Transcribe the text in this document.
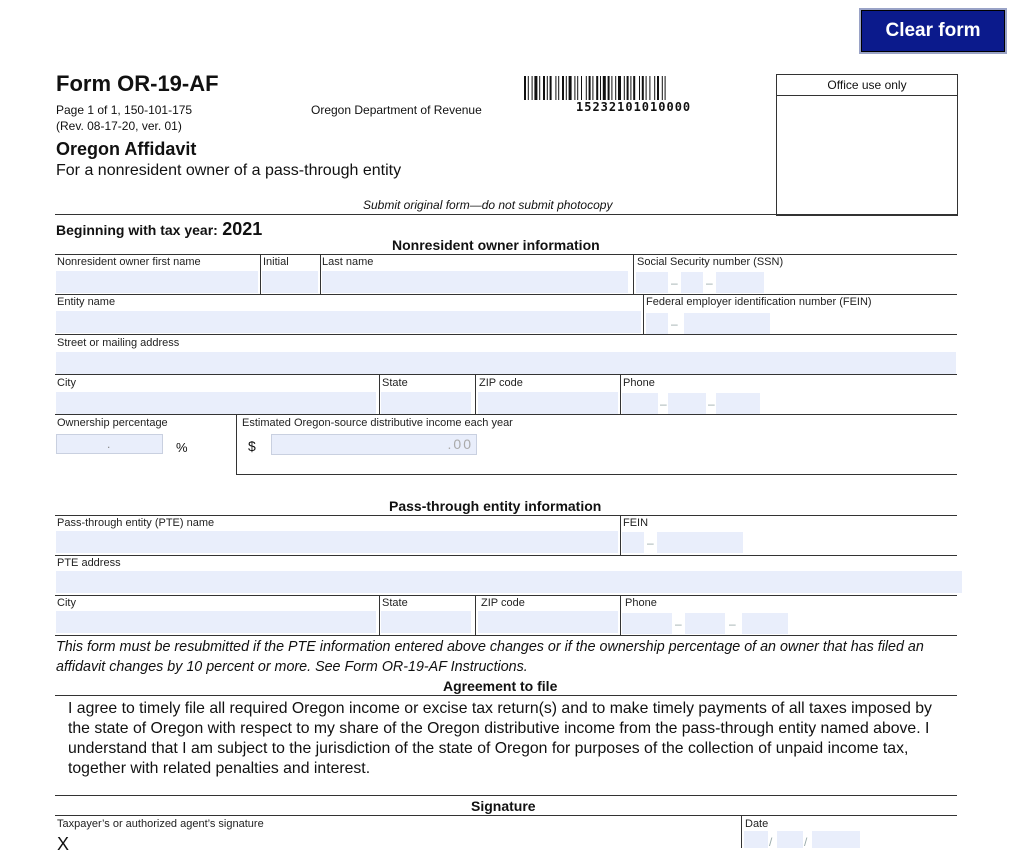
Clear form
Form OR-19-AF
Page 1 of 1, 150-101-175
(Rev. 08-17-20, ver. 01)
Oregon Department of Revenue	15232101010000
Office use only
Oregon Affidavit
For a nonresident owner of a pass-through entity
Submit original form—do not submit photocopy
Beginning with tax year: 2021
Nonresident owner information
Nonresident owner first name	Initial	Last name	Social Security number (SSN)
– –
Entity name	Federal employer identification number (FEIN)
–
Street or mailing address
City	State	ZIP code	Phone
–	–
Ownership percentage
.	%
Estimated Oregon-source distributive income each year
$	.00
Pass-through entity information
Pass-through entity (PTE) name	FEIN
–
PTE address
City	State	ZIP code	Phone
–	–
This form must be resubmitted if the PTE information entered above changes or if the ownership percentage of an owner that has filed an affidavit changes by 10 percent or more. See Form OR-19-AF Instructions.
Agreement to file
I agree to timely file all required Oregon income or excise tax return(s) and to make timely payments of all taxes imposed by the state of Oregon with respect to my share of the Oregon distributive income from the pass-through entity named above. I understand that I am subject to the jurisdiction of the state of Oregon for purposes of the collection of unpaid income tax, together with related penalties and interest.
Signature
Taxpayer’s or authorized agent’s signature
X
Date
/	/
